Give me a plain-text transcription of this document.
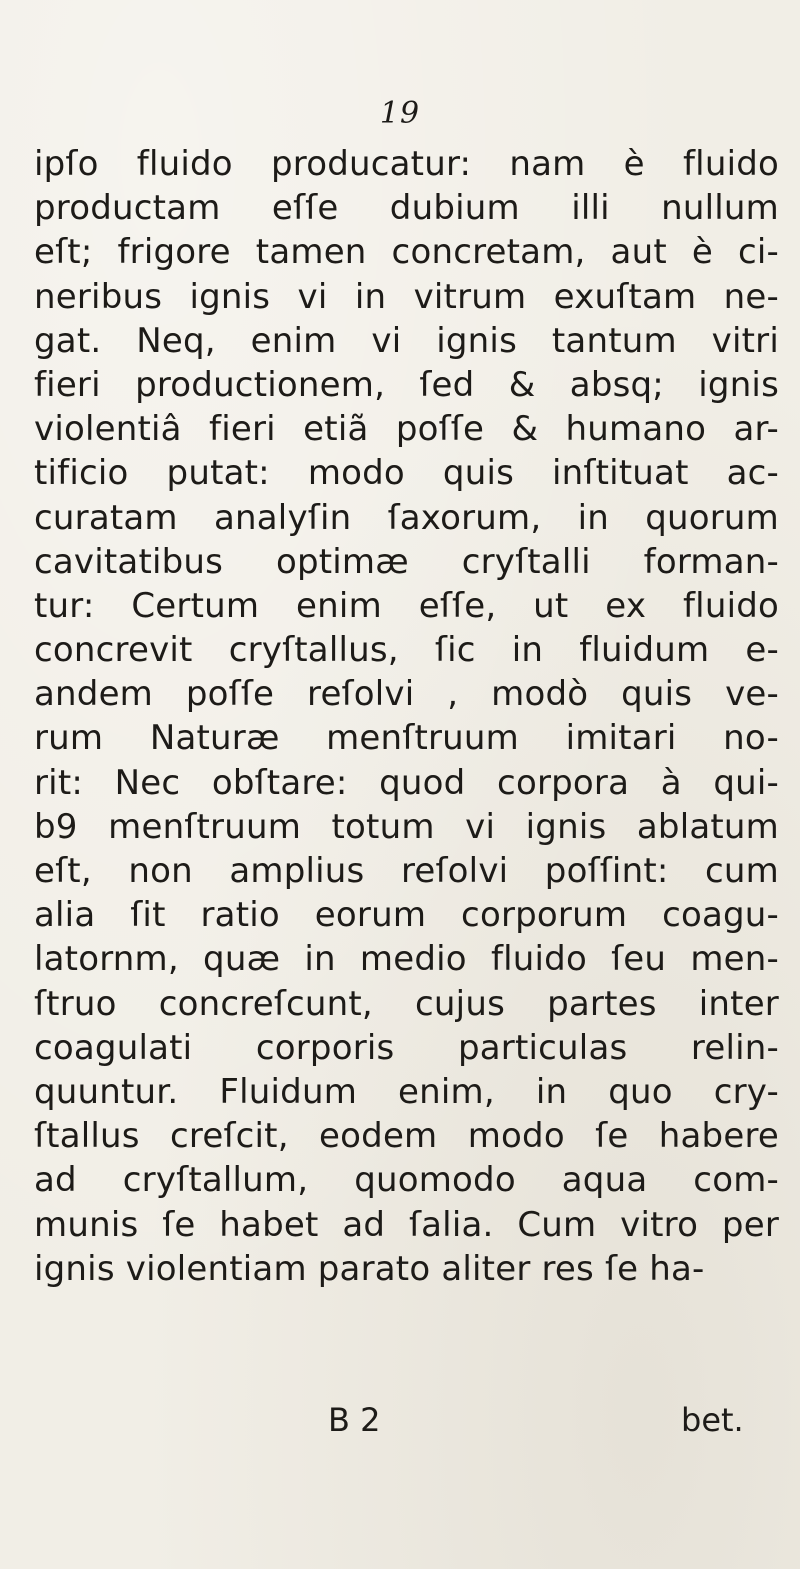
19
ipſo fluido producatur: nam è fluido
productam eſſe dubium illi nullum
eſt; frigore tamen concretam, aut è ci-
neribus ignis vi in vitrum exuſtam ne-
gat. Neq, enim vi ignis tantum vitri
fieri productionem, ſed & absq; ignis
violentiâ fieri etiã poſſe & humano ar-
tificio putat: modo quis inſtituat ac-
curatam analyſin ſaxorum, in quorum
cavitatibus optimæ cryſtalli forman-
tur: Certum enim eſſe, ut ex fluido
concrevit cryſtallus, ſic in fluidum e-
andem poſſe reſolvi , modò quis ve-
rum Naturæ menſtruum imitari no-
rit: Nec obſtare: quod corpora à qui-
b9 menſtruum totum vi ignis ablatum
eſt, non amplius reſolvi poſſint: cum
alia ſit ratio eorum corporum coagu-
latornm, quæ in medio fluido ſeu men-
ſtruo concreſcunt, cujus partes inter
coagulati corporis particulas relin-
quuntur. Fluidum enim, in quo cry-
ſtallus creſcit, eodem modo ſe habere
ad cryſtallum, quomodo aqua com-
munis ſe habet ad ſalia. Cum vitro per
ignis violentiam parato aliter res ſe ha-
B 2	bet.
